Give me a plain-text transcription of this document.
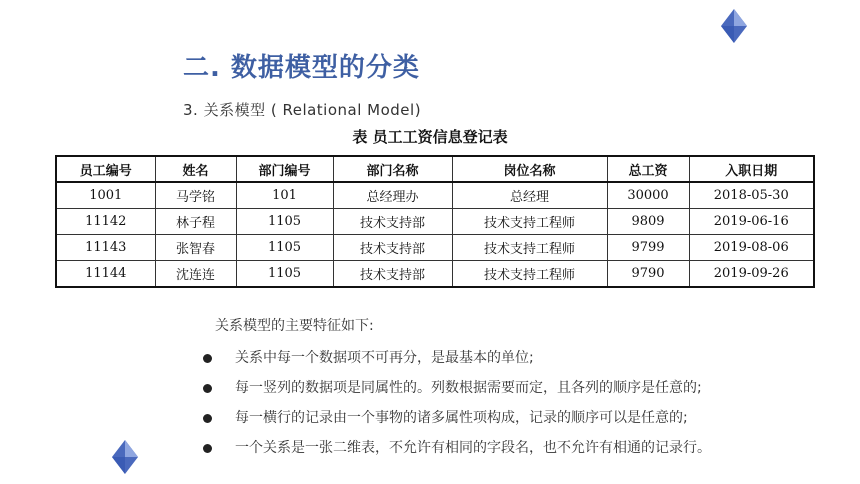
二. 数据模型的分类
3. 关系模型 ( Relational Model)
表 员工工资信息登记表
员工编号	姓名	部门编号	部门名称	岗位名称	总工资	入职日期
1001	马学铭	101	总经理办	总经理	30000	2018-05-30
11142	林子程	1105	技术支持部	技术支持工程师	9809	2019-06-16
11143	张智春	1105	技术支持部	技术支持工程师	9799	2019-08-06
11144	沈连连	1105	技术支持部	技术支持工程师	9790	2019-09-26
关系模型的主要特征如下:
关系中每一个数据项不可再分，是最基本的单位;
每一竖列的数据项是同属性的。列数根据需要而定，且各列的顺序是任意的;
每一横行的记录由一个事物的诸多属性项构成，记录的顺序可以是任意的;
一个关系是一张二维表，不允许有相同的字段名，也不允许有相通的记录行。
